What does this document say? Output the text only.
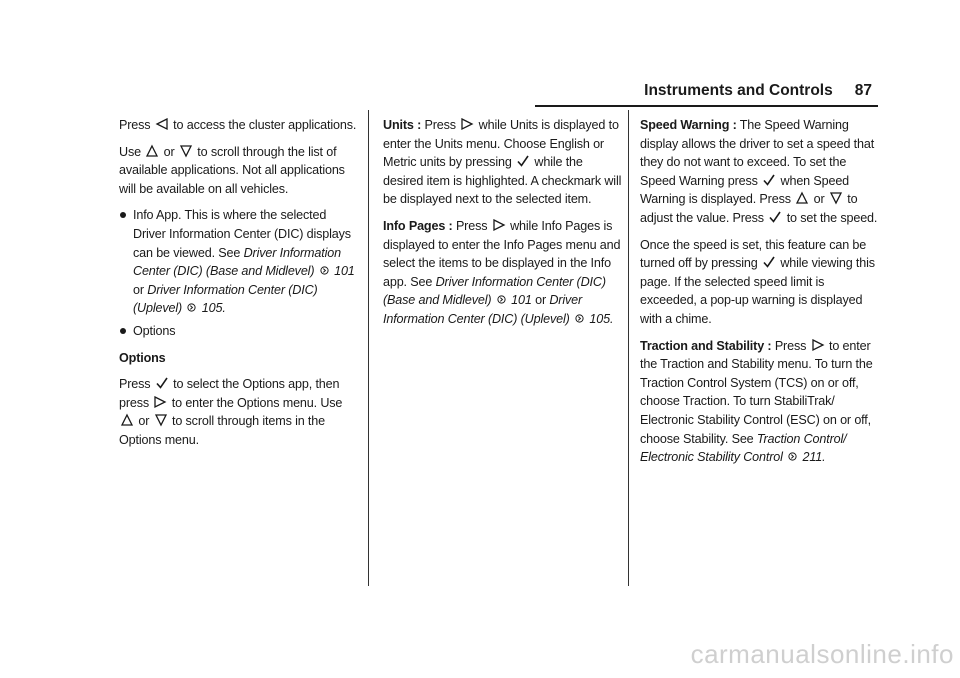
Instruments and Controls 87

Press to access the cluster applications.

Use or to scroll through the list of available applications. Not all applications will be available on all vehicles.

Info App. This is where the selected Driver Information Center (DIC) displays can be viewed. See Driver Information Center (DIC) (Base and Midlevel) 101 or Driver Information Center (DIC) (Uplevel) 105.
Options
Options

Press to select the Options app, then press to enter the Options menu. Use
or to scroll through items in the Options menu.

Units : Press while Units is displayed to enter the Units menu. Choose English or Metric units by pressing while the desired item is highlighted. A checkmark will be displayed next to the selected item.

Info Pages : Press while Info Pages is displayed to enter the Info Pages menu and select the items to be displayed in the Info app. See Driver Information Center (DIC) (Base and Midlevel) 101 or Driver Information Center (DIC) (Uplevel) 105.

Speed Warning : The Speed Warning display allows the driver to set a speed that they do not want to exceed. To set the Speed Warning press when Speed Warning is displayed. Press or to adjust the value. Press to set the speed.

Once the speed is set, this feature can be turned off by pressing while viewing this page. If the selected speed limit is exceeded, a pop-up warning is displayed with a chime.

Traction and Stability : Press to enter the Traction and Stability menu. To turn the Traction Control System (TCS) on or off, choose Traction. To turn StabiliTrak/ Electronic Stability Control (ESC) on or off, choose Stability. See Traction Control/ Electronic Stability Control 211.

carmanualsonline.info
